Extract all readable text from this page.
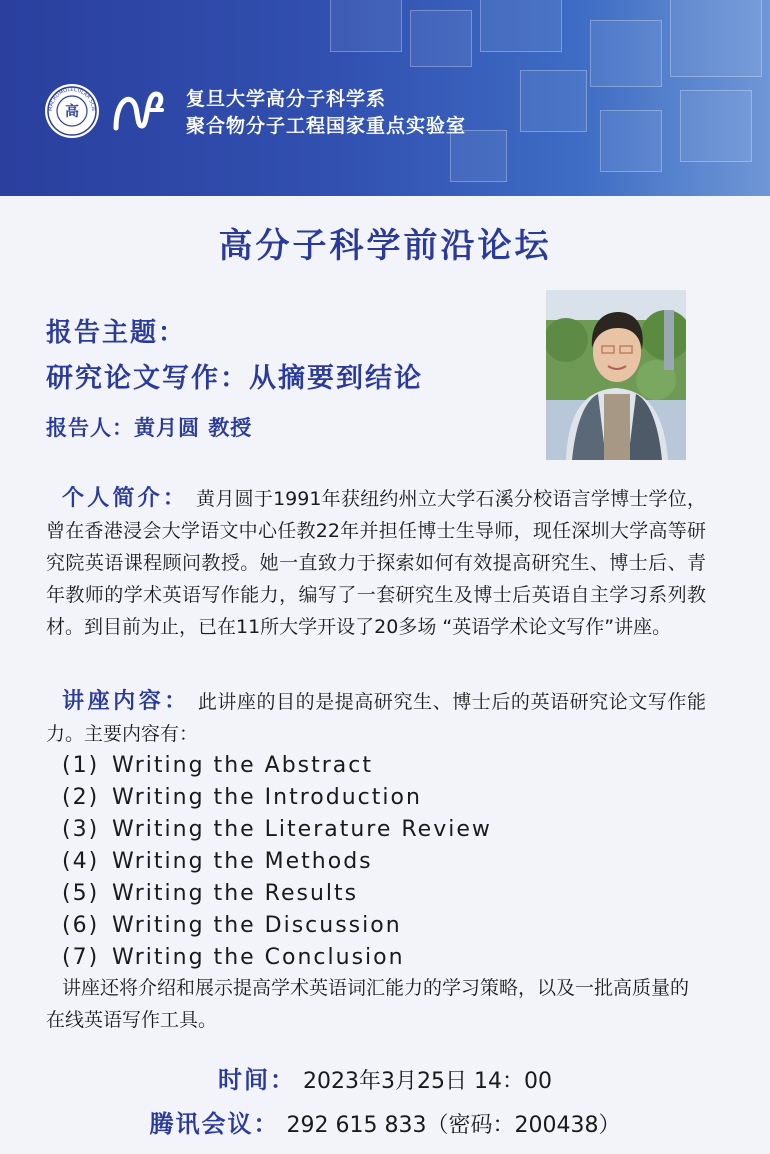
MACROMOLECULAR SCIE
高
复旦大学高分子科学系
聚合物分子工程国家重点实验室
高分子科学前沿论坛
报告主题：
研究论文写作：从摘要到结论
报告人：黄月圆 教授
个人简介： 黄月圆于1991年获纽约州立大学石溪分校语言学博士学位，曾在香港浸会大学语文中心任教22年并担任博士生导师，现任深圳大学高等研究院英语课程顾问教授。她一直致力于探索如何有效提高研究生、博士后、青年教师的学术英语写作能力，编写了一套研究生及博士后英语自主学习系列教材。到目前为止，已在11所大学开设了20多场 “英语学术论文写作”讲座。
讲座内容： 此讲座的目的是提高研究生、博士后的英语研究论文写作能力。主要内容有：
(1) Writing the Abstract
(2) Writing the Introduction
(3) Writing the Literature Review
(4) Writing the Methods
(5) Writing the Results
(6) Writing the Discussion
(7) Writing the Conclusion
讲座还将介绍和展示提高学术英语词汇能力的学习策略，以及一批高质量的在线英语写作工具。
时间： 2023年3月25日 14：00
腾讯会议： 292 615 833（密码：200438）
